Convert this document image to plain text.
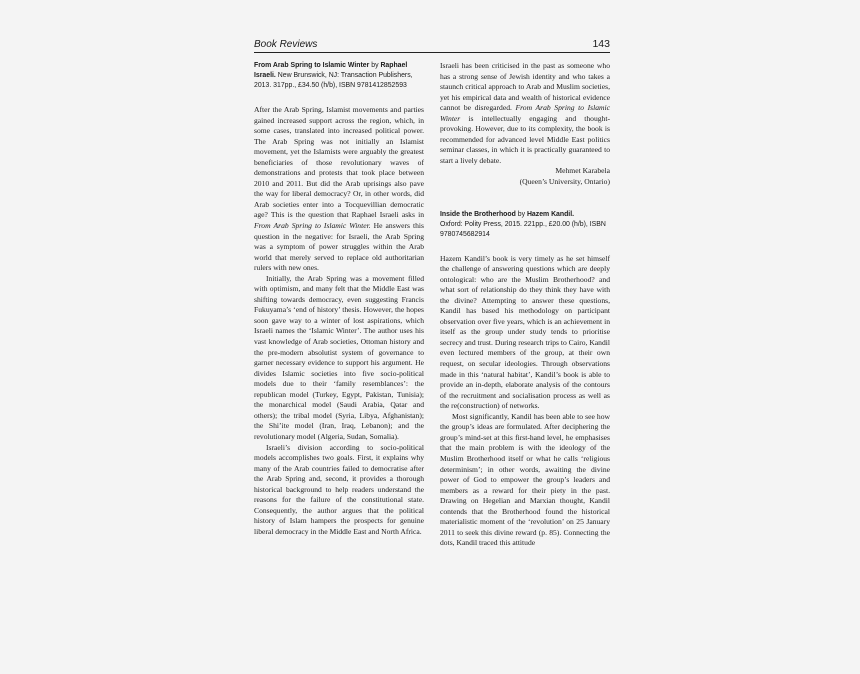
Book Reviews	143
From Arab Spring to Islamic Winter by Raphael Israeli. New Brunswick, NJ: Transaction Publishers, 2013. 317pp., £34.50 (h/b), ISBN 9781412852593

After the Arab Spring, Islamist movements and parties gained increased support across the region, which, in some cases, translated into increased political power. The Arab Spring was not initially an Islamist movement, yet the Islamists were arguably the greatest beneficiaries of those revolutionary waves of demonstrations and protests that took place between 2010 and 2011. But did the Arab uprisings also pave the way for liberal democracy? Or, in other words, did Arab societies enter into a Tocquevillian democratic age? This is the question that Raphael Israeli asks in From Arab Spring to Islamic Winter. He answers this question in the negative: for Israeli, the Arab Spring was a symptom of power struggles within the Arab world that merely served to replace old authoritarian rulers with new ones.

Initially, the Arab Spring was a movement filled with optimism, and many felt that the Middle East was shifting towards democracy, even suggesting Francis Fukuyama’s ‘end of history’ thesis. However, the hopes soon gave way to a winter of lost aspirations, which Israeli names the ‘Islamic Winter’. The author uses his vast knowledge of Arab societies, Ottoman history and the pre-modern absolutist system of governance to garner necessary evidence to support his argument. He divides Islamic societies into five socio-political models due to their ‘family resemblances’: the republican model (Turkey, Egypt, Pakistan, Tunisia); the monarchical model (Saudi Arabia, Qatar and others); the tribal model (Syria, Libya, Afghanistan); the Shi’ite model (Iran, Iraq, Lebanon); and the revolutionary model (Algeria, Sudan, Somalia).

Israeli’s division according to socio-political models accomplishes two goals. First, it explains why many of the Arab countries failed to democratise after the Arab Spring and, second, it provides a thorough historical background to help readers understand the reasons for the failure of the constitutional state. Consequently, the author argues that the political history of Islam hampers the prospects for genuine liberal democracy in the Middle East and North Africa.

Israeli has been criticised in the past as someone who has a strong sense of Jewish identity and who takes a staunch critical approach to Arab and Muslim societies, yet his empirical data and wealth of historical evidence cannot be disregarded. From Arab Spring to Islamic Winter is intellectually engaging and thought-provoking. However, due to its complexity, the book is recommended for advanced level Middle East politics seminar classes, in which it is practically guaranteed to start a lively debate.

Mehmet Karabela

(Queen’s University, Ontario)

Inside the Brotherhood by Hazem Kandil.
Oxford: Polity Press, 2015. 221pp., £20.00 (h/b), ISBN 9780745682914

Hazem Kandil’s book is very timely as he set himself the challenge of answering questions which are deeply ontological: who are the Muslim Brotherhood? and what sort of relationship do they think they have with the divine? Attempting to answer these questions, Kandil has based his methodology on participant observation over five years, which is an achievement in itself as the group under study tends to prioritise secrecy and trust. During research trips to Cairo, Kandil even lectured members of the group, at their own request, on secular ideologies. Through observations made in this ‘natural habitat’, Kandil’s book is able to provide an in-depth, elaborate analysis of the contours of the recruitment and socialisation process as well as the re(construction) of networks.

Most significantly, Kandil has been able to see how the group’s ideas are formulated. After deciphering the group’s mind-set at this first-hand level, he emphasises that the main problem is with the ideology of the Muslim Brotherhood itself or what he calls ‘religious determinism’; in other words, awaiting the divine power of God to empower the group’s leaders and members as a reward for their piety in the past. Drawing on Hegelian and Marxian thought, Kandil contends that the Brotherhood found the historical materialistic moment of the ‘revolution’ on 25 January 2011 to seek this divine reward (p. 85). Connecting the dots, Kandil traced this attitude
